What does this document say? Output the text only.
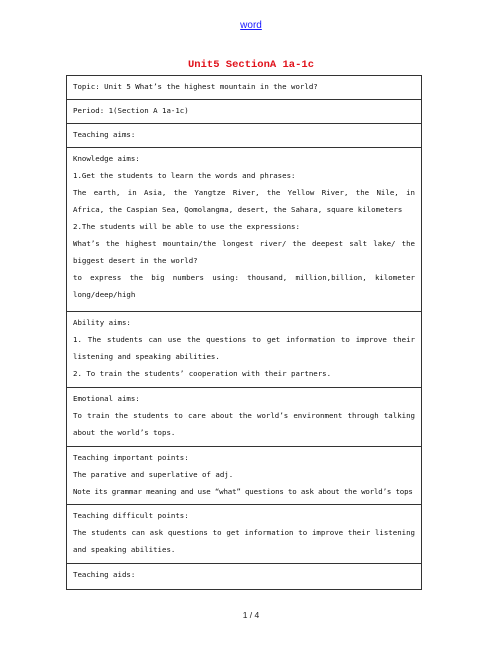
word
Unit5 SectionA 1a-1c
Topic: Unit 5 What’s the highest mountain in the world?

Period: 1(Section A 1a-1c)

Teaching aims:

Knowledge aims:
1.Get the students to learn the words and phrases:
The earth, in Asia, the Yangtze River, the Yellow River, the Nile, in Africa, the Caspian Sea, Qomolangma, desert, the Sahara, square kilometers
2.The students will be able to use the expressions:
What’s the highest mountain/the longest river/ the deepest salt lake/ the biggest desert in the world?
to express the big numbers using: thousand, million,billion, kilometer long/deep/high

Ability aims:
1. The students can use the questions to get information to improve their listening and speaking abilities.
2. To train the students’ cooperation with their partners.

Emotional aims:
To train the students to care about the world’s environment through talking about the world’s tops.

Teaching important points:
The parative and superlative of adj.
Note its grammar meaning and use “what” questions to ask about the world’s tops

Teaching difficult points:
The students can ask questions to get information to improve their listening and speaking abilities.

Teaching aids:
1 / 4
